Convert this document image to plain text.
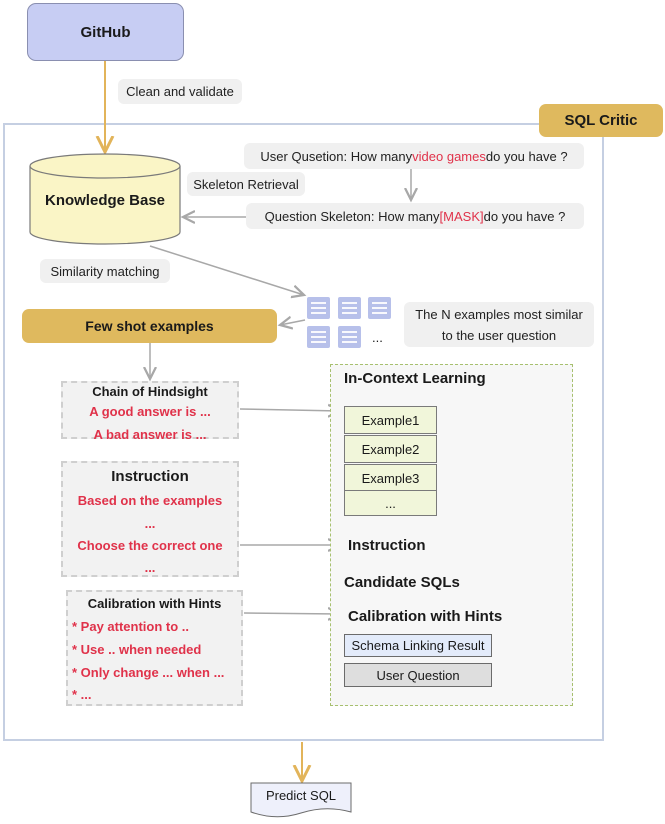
GitHub
Clean and validate
SQL Critic
Knowledge Base
Skeleton Retrieval
User Qusetion: How many video games do you have ?
Question Skeleton: How many [MASK] do you have ?
Similarity matching
The N examples most similar
to the user question
...
Few shot examples
Chain of Hindsight
A good answer is ...
A bad answer is ...
Instruction
Based on the examples
...
Choose the correct one
...
Calibration with Hints
* Pay attention to ..
* Use .. when needed
* Only change ... when ...
* ...
In-Context Learning
Example1
Example2
Example3
...
Instruction
Candidate SQLs
Calibration with Hints
Schema Linking Result
User Question
Predict SQL
